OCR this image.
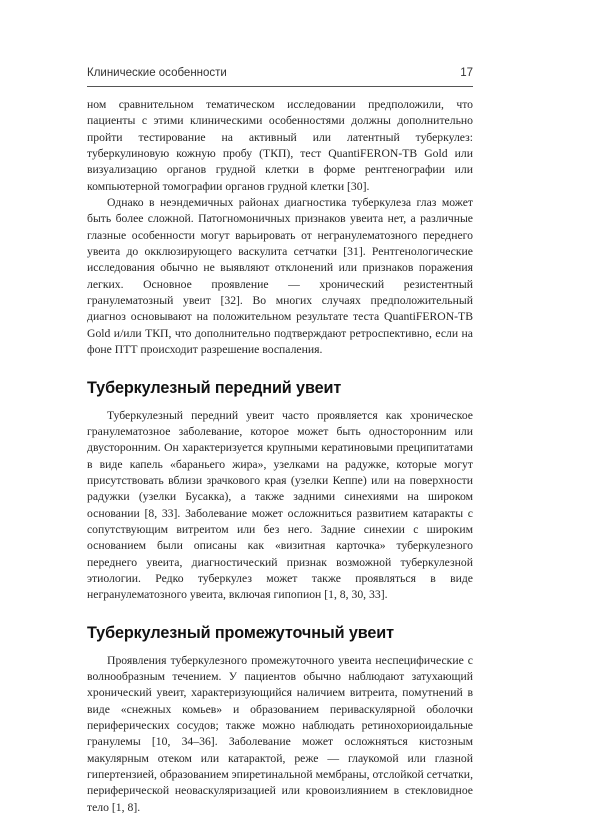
Клинические особенности	17

ном сравнительном тематическом исследовании предположили, что пациенты с этими клиническими особенностями должны дополнительно пройти тестирование на активный или латентный туберкулез: туберкулиновую кожную пробу (ТКП), тест QuantiFERON-TB Gold или визуализацию органов грудной клетки в форме рентгенографии или компьютерной томографии органов грудной клетки [30].

Однако в неэндемичных районах диагностика туберкулеза глаз может быть более сложной. Патогномоничных признаков увеита нет, а различные глазные особенности могут варьировать от негранулематозного переднего увеита до окклюзирующего васкулита сетчатки [31]. Рентгенологические исследования обычно не выявляют отклонений или признаков поражения легких. Основное проявление — хронический резистентный гранулематозный увеит [32]. Во многих случаях предположительный диагноз основывают на положительном результате теста QuantiFERON-TB Gold и/или ТКП, что дополнительно подтверждают ретроспективно, если на фоне ПТТ происходит разрешение воспаления.

Туберкулезный передний увеит

Туберкулезный передний увеит часто проявляется как хроническое гранулематозное заболевание, которое может быть односторонним или двусторонним. Он характеризуется крупными кератиновыми преципитатами в виде капель «бараньего жира», узелками на радужке, которые могут присутствовать вблизи зрачкового края (узелки Кеппе) или на поверхности радужки (узелки Бусакка), а также задними синехиями на широком основании [8, 33]. Заболевание может осложниться развитием катаракты с сопутствующим витреитом или без него. Задние синехии с широким основанием были описаны как «визитная карточка» туберкулезного переднего увеита, диагностический признак возможной туберкулезной этиологии. Редко туберкулез может также проявляться в виде негранулематозного увеита, включая гипопион [1, 8, 30, 33].

Туберкулезный промежуточный увеит

Проявления туберкулезного промежуточного увеита неспецифические с волнообразным течением. У пациентов обычно наблюдают затухающий хронический увеит, характеризующийся наличием витреита, помутнений в виде «снежных комьев» и образованием периваскулярной оболочки периферических сосудов; также можно наблюдать ретинохориоидальные гранулемы [10, 34–36]. Заболевание может осложняться кистозным макулярным отеком или катарактой, реже — глаукомой или глазной гипертензией, образованием эпиретинальной мембраны, отслойкой сетчатки, периферической неоваскуляризацией или кровоизлиянием в стекловидное тело [1, 8].
